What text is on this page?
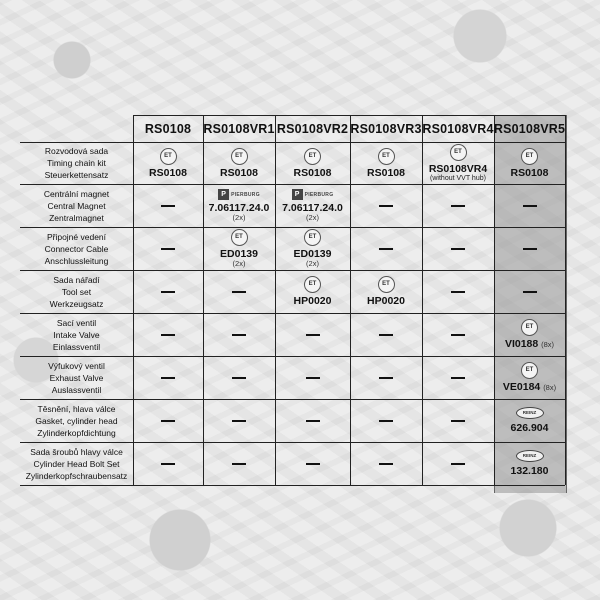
RS0108 RS0108VR1 RS0108VR2 RS0108VR3 RS0108VR4 RS0108VR5
Rozvodová sada
Timing chain kit
Steuerkettensatz
ET
RS0108
ET
RS0108
ET
RS0108
ET
RS0108
ET
RS0108VR4
(without VVT hub)
ET
RS0108
Centrální magnet
Central Magnet
Zentralmagnet
P	PIERBURG
7.06117.24.0
(2x)
P	PIERBURG
7.06117.24.0
(2x)
Připojné vedení
Connector Cable
Anschlussleitung
ET
ED0139
(2x)
ET
ED0139
(2x)
Sada nářadí
Tool set
Werkzeugsatz
ET
HP0020
ET
HP0020
Sací ventil
Intake Valve
Einlassventil
ET
VI0188 (8x)
Výfukový ventil
Exhaust Valve
Auslassventil
ET
VE0184 (8x)
Těsnění, hlava válce
Gasket, cylinder head
Zylinderkopfdichtung
REINZ
626.904
Sada šroubů hlavy válce
Cylinder Head Bolt Set
Zylinderkopfschraubensatz
REINZ
132.180
